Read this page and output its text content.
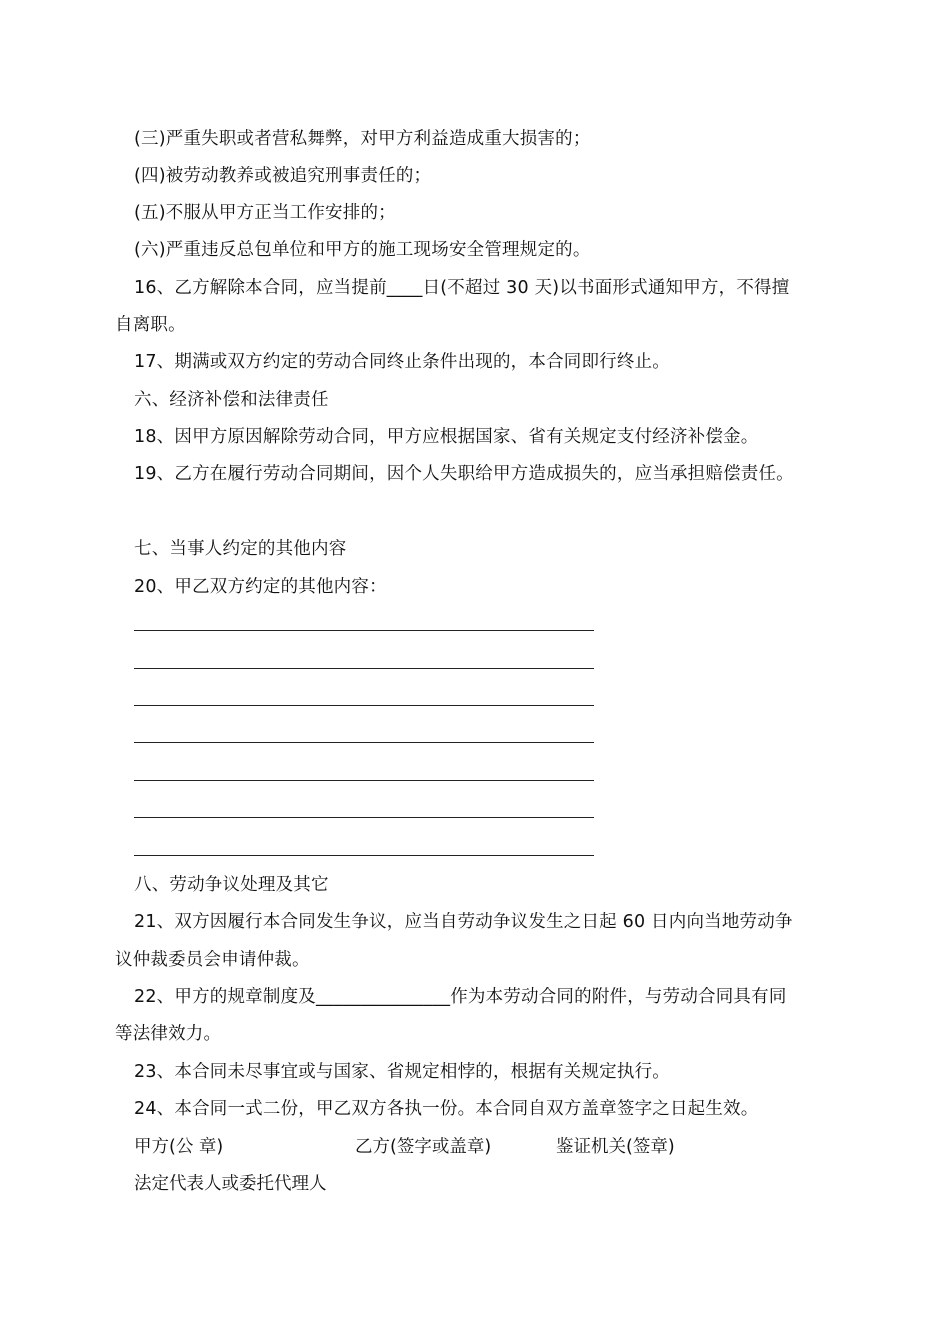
(三)严重失职或者营私舞弊，对甲方利益造成重大损害的；
(四)被劳动教养或被追究刑事责任的；
(五)不服从甲方正当工作安排的；
(六)严重违反总包单位和甲方的施工现场安全管理规定的。
16、乙方解除本合同，应当提前____日(不超过 30 天)以书面形式通知甲方，不得擅
自离职。
17、期满或双方约定的劳动合同终止条件出现的，本合同即行终止。
六、经济补偿和法律责任
18、因甲方原因解除劳动合同，甲方应根据国家、省有关规定支付经济补偿金。
19、乙方在履行劳动合同期间，因个人失职给甲方造成损失的，应当承担赔偿责任。
七、当事人约定的其他内容
20、甲乙双方约定的其他内容：
八、劳动争议处理及其它
21、双方因履行本合同发生争议，应当自劳动争议发生之日起 60 日内向当地劳动争
议仲裁委员会申请仲裁。
22、甲方的规章制度及_______________作为本劳动合同的附件，与劳动合同具有同
等法律效力。
23、本合同未尽事宜或与国家、省规定相悖的，根据有关规定执行。
24、本合同一式二份，甲乙双方各执一份。本合同自双方盖章签字之日起生效。
甲方(公 章)	乙方(签字或盖章)	鉴证机关(签章)
法定代表人或委托代理人
